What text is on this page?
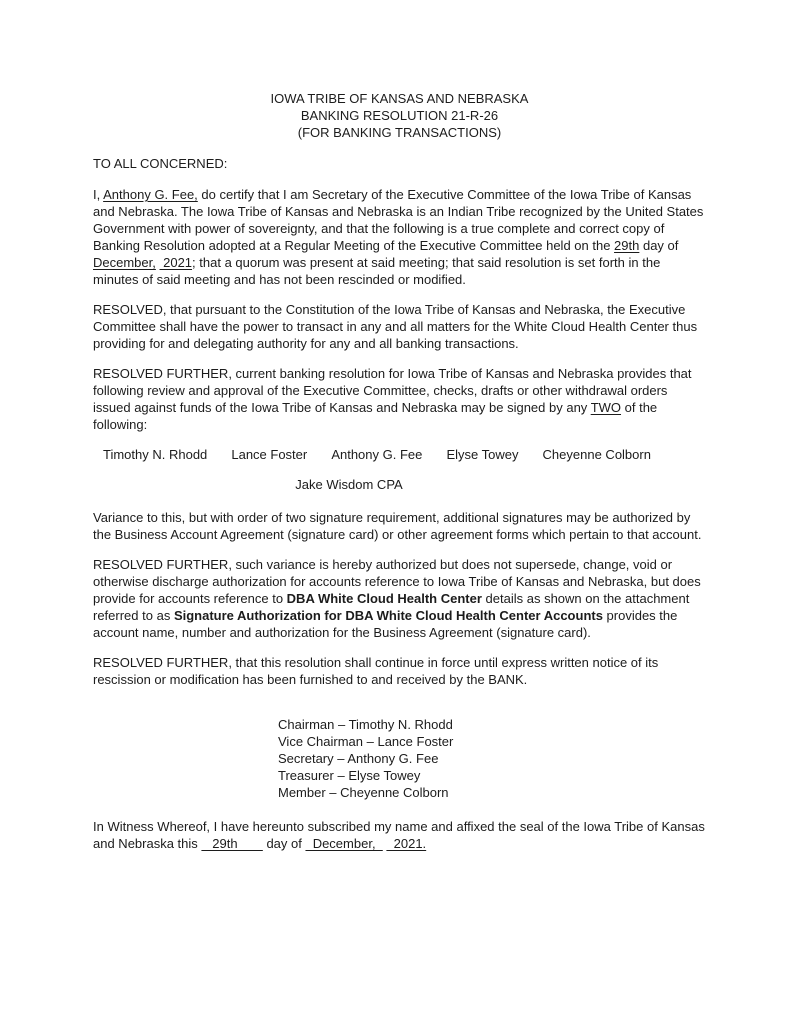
IOWA TRIBE OF KANSAS AND NEBRASKA
BANKING RESOLUTION 21-R-26
(FOR BANKING TRANSACTIONS)

TO ALL CONCERNED:

I, Anthony G. Fee, do certify that I am Secretary of the Executive Committee of the Iowa Tribe of Kansas and Nebraska. The Iowa Tribe of Kansas and Nebraska is an Indian Tribe recognized by the United States Government with power of sovereignty, and that the following is a true complete and correct copy of Banking Resolution adopted at a Regular Meeting of the Executive Committee held on the 29th day of December,  2021; that a quorum was present at said meeting; that said resolution is set forth in the minutes of said meeting and has not been rescinded or modified.

RESOLVED, that pursuant to the Constitution of the Iowa Tribe of Kansas and Nebraska, the Executive Committee shall have the power to transact in any and all matters for the White Cloud Health Center thus providing for and delegating authority for any and all banking transactions.

RESOLVED FURTHER, current banking resolution for Iowa Tribe of Kansas and Nebraska provides that following review and approval of the Executive Committee, checks, drafts or other withdrawal orders issued against funds of the Iowa Tribe of Kansas and Nebraska may be signed by any TWO of the following:

Timothy N. Rhodd Lance Foster Anthony G. Fee Elyse Towey Cheyenne Colborn
Jake Wisdom CPA

Variance to this, but with order of two signature requirement, additional signatures may be authorized by the Business Account Agreement (signature card) or other agreement forms which pertain to that account.

RESOLVED FURTHER, such variance is hereby authorized but does not supersede, change, void or otherwise discharge authorization for accounts reference to Iowa Tribe of Kansas and Nebraska, but does provide for accounts reference to DBA White Cloud Health Center details as shown on the attachment referred to as Signature Authorization for DBA White Cloud Health Center Accounts provides the account name, number and authorization for the Business Agreement (signature card).

RESOLVED FURTHER, that this resolution shall continue in force until express written notice of its rescission or modification has been furnished to and received by the BANK.

Chairman – Timothy N. Rhodd
Vice Chairman – Lance Foster
Secretary – Anthony G. Fee
Treasurer – Elyse Towey
Member – Cheyenne Colborn

In Witness Whereof, I have hereunto subscribed my name and affixed the seal of the Iowa Tribe of Kansas and Nebraska this    29th        day of   December,     2021.
